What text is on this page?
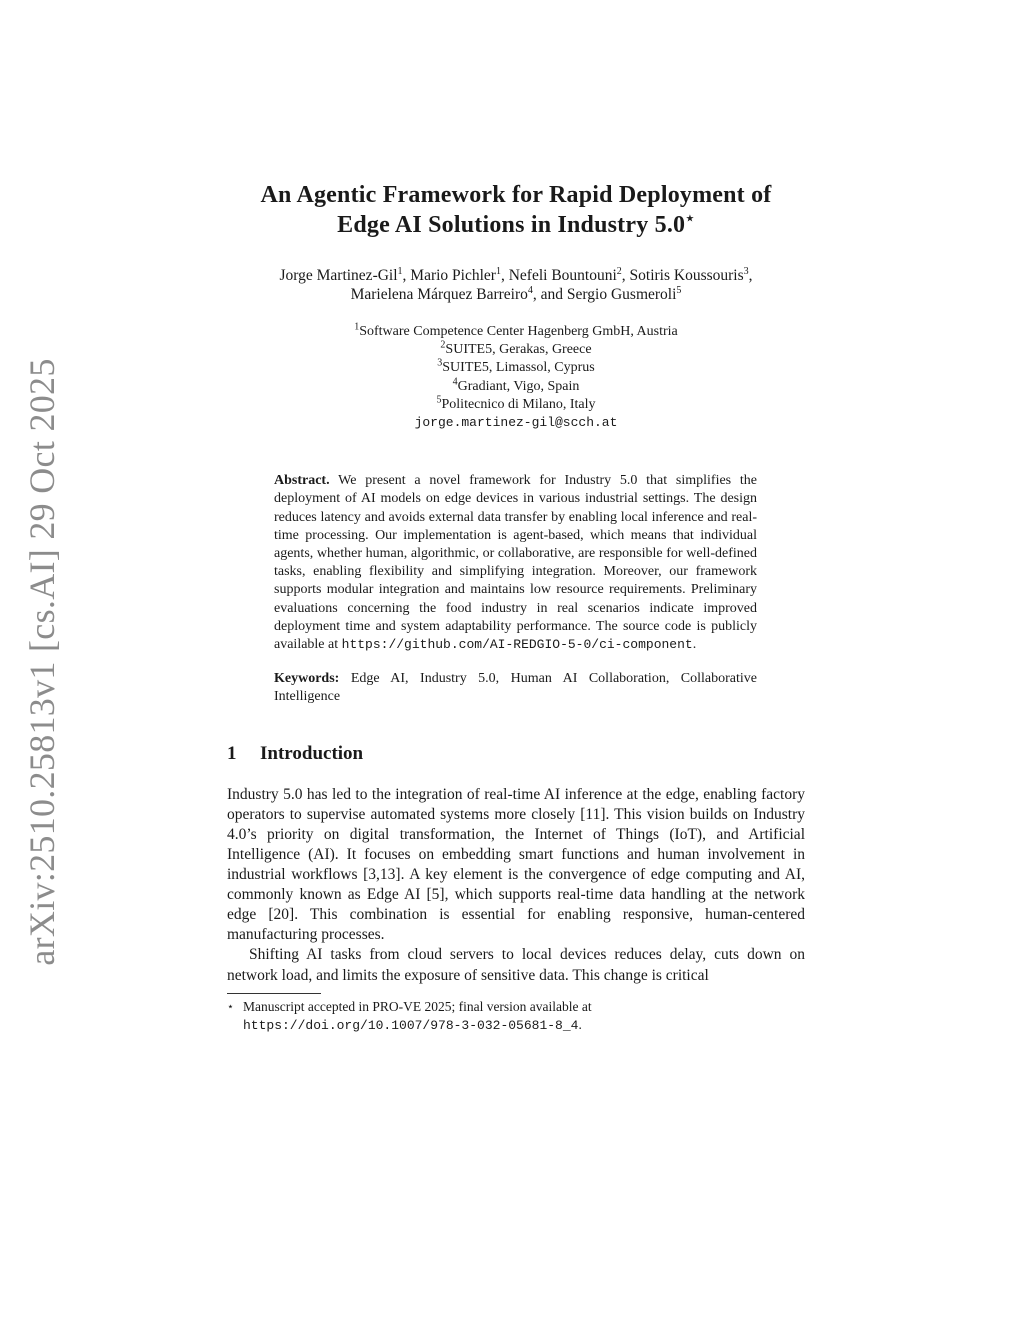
arXiv:2510.25813v1 [cs.AI] 29 Oct 2025
An Agentic Framework for Rapid Deployment of
Edge AI Solutions in Industry 5.0⋆
Jorge Martinez-Gil$^1$, Mario Pichler$^1$, Nefeli Bountouni$^2$, Sotiris Koussouris$^3$,
Marielena Márquez Barreiro$^4$, and Sergio Gusmeroli$^5$
$^1$Software Competence Center Hagenberg GmbH, Austria
$^2$SUITE5, Gerakas, Greece
$^3$SUITE5, Limassol, Cyprus
$^4$Gradiant, Vigo, Spain
$^5$Politecnico di Milano, Italy
jorge.martinez-gil@scch.at
Abstract. We present a novel framework for Industry 5.0 that simplifies the deployment of AI models on edge devices in various industrial settings. The design reduces latency and avoids external data transfer by enabling local inference and real-time processing. Our implementation is agent-based, which means that individual agents, whether human, algorithmic, or collaborative, are responsible for well-defined tasks, enabling flexibility and simplifying integration. Moreover, our framework supports modular integration and maintains low resource requirements. Preliminary evaluations concerning the food industry in real scenarios indicate improved deployment time and system adaptability performance. The source code is publicly available at https://github.com/AI-REDGIO-5-0/ci-component.
Keywords: Edge AI, Industry 5.0, Human AI Collaboration, Collaborative Intelligence
1 Introduction

Industry 5.0 has led to the integration of real-time AI inference at the edge, enabling factory operators to supervise automated systems more closely [11]. This vision builds on Industry 4.0’s priority on digital transformation, the Internet of Things (IoT), and Artificial Intelligence (AI). It focuses on embedding smart functions and human involvement in industrial workflows [3,13]. A key element is the convergence of edge computing and AI, commonly known as Edge AI [5], which supports real-time data handling at the network edge [20]. This combination is essential for enabling responsive, human-centered manufacturing processes.

Shifting AI tasks from cloud servers to local devices reduces delay, cuts down on network load, and limits the exposure of sensitive data. This change is critical

⋆ Manuscript accepted in PRO-VE 2025; final version available at https://doi.org/10.1007/978-3-032-05681-8_4.
